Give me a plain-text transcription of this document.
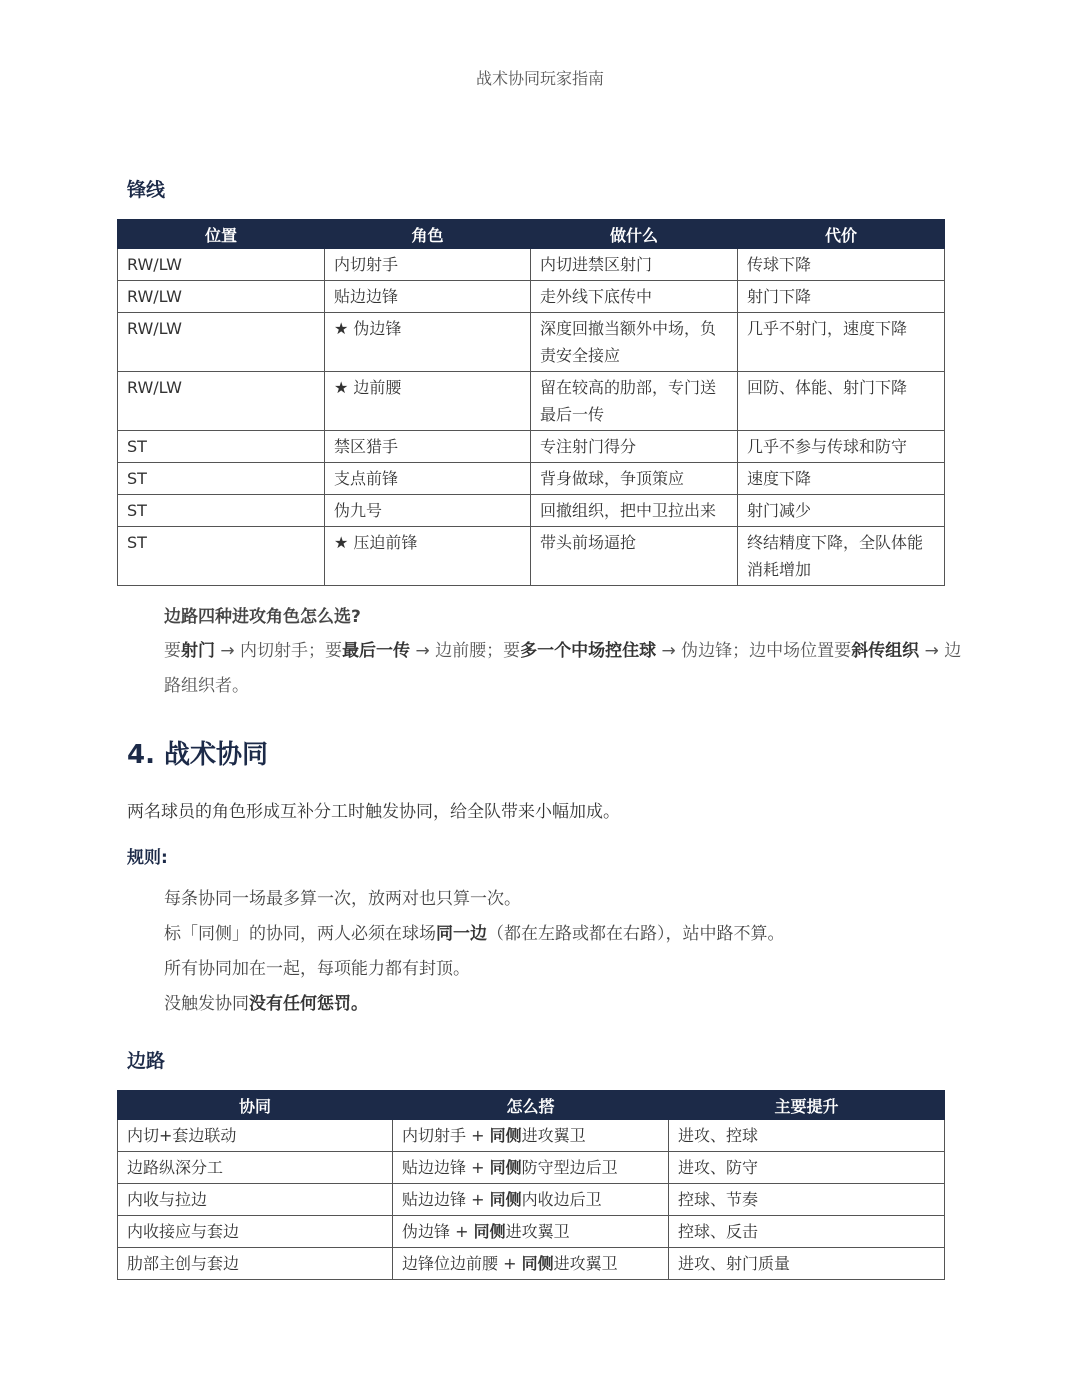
战术协同玩家指南
锋线
位置	角色	做什么	代价
RW/LW	内切射手	内切进禁区射门	传球下降
RW/LW	贴边边锋	走外线下底传中	射门下降
RW/LW	★ 伪边锋	深度回撤当额外中场，负责安全接应	几乎不射门，速度下降
RW/LW	★ 边前腰	留在较高的肋部，专门送最后一传	回防、体能、射门下降
ST	禁区猎手	专注射门得分	几乎不参与传球和防守
ST	支点前锋	背身做球，争顶策应	速度下降
ST	伪九号	回撤组织，把中卫拉出来	射门减少
ST	★ 压迫前锋	带头前场逼抢	终结精度下降，全队体能消耗增加
边路四种进攻角色怎么选?
要射门 → 内切射手；要最后一传 → 边前腰；要多一个中场控住球 → 伪边锋；边中场位置要斜传组织 → 边路组织者。
4. 战术协同
两名球员的角色形成互补分工时触发协同，给全队带来小幅加成。
规则:
每条协同一场最多算一次，放两对也只算一次。
标「同侧」的协同，两人必须在球场同一边（都在左路或都在右路），站中路不算。
所有协同加在一起，每项能力都有封顶。
没触发协同没有任何惩罚。
边路
协同	怎么搭	主要提升
内切+套边联动	内切射手 + 同侧进攻翼卫	进攻、控球
边路纵深分工	贴边边锋 + 同侧防守型边后卫	进攻、防守
内收与拉边	贴边边锋 + 同侧内收边后卫	控球、节奏
内收接应与套边	伪边锋 + 同侧进攻翼卫	控球、反击
肋部主创与套边	边锋位边前腰 + 同侧进攻翼卫	进攻、射门质量
